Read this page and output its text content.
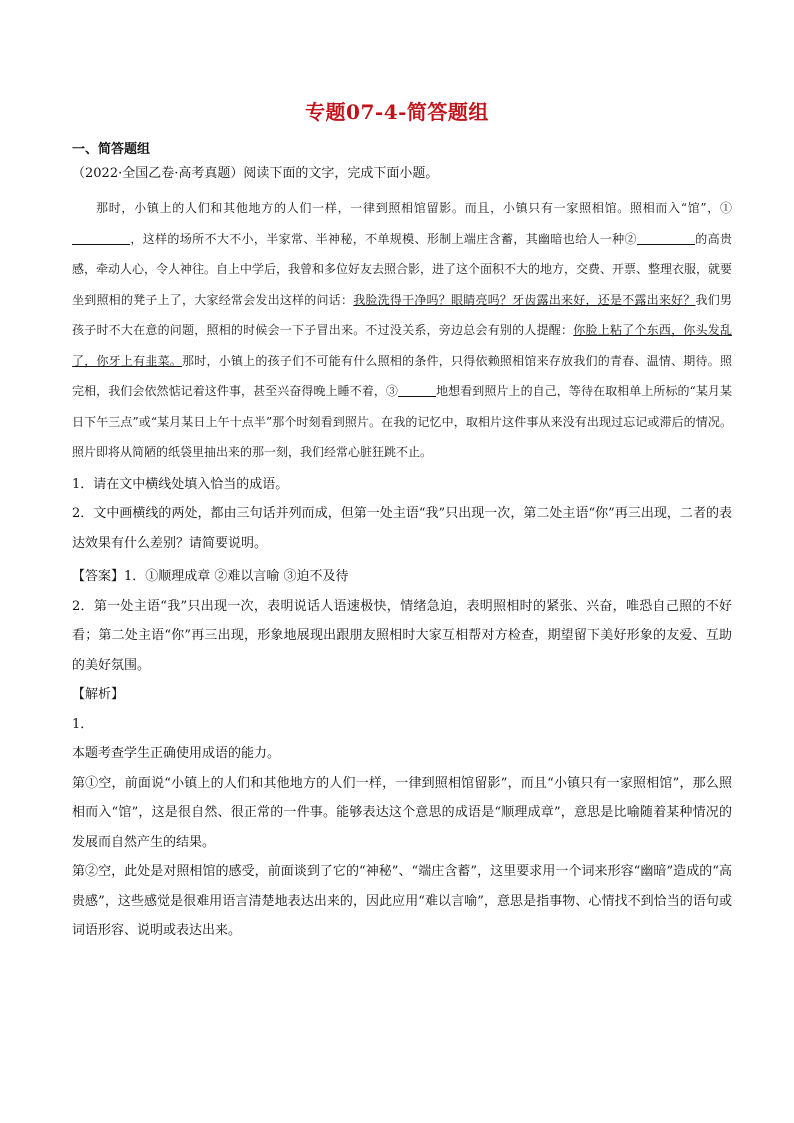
专题07-4-简答题组

一、简答题组

（2022·全国乙卷·高考真题）阅读下面的文字，完成下面小题。

那时，小镇上的人们和其他地方的人们一样，一律到照相馆留影。而且，小镇只有一家照相馆。照相而入“馆”，①，这样的场所不大不小，半家常、半神秘，不单规模、形制上端庄含蓄，其幽暗也给人一种②	的高贵感，牵动人心，令人神往。自上中学后，我曾和多位好友去照合影，进了这个面积不大的地方，交费、开票、整理衣服，就要坐到照相的凳子上了，大家经常会发出这样的问话：我脸洗得干净吗？眼睛亮吗？牙齿露出来好，还是不露出来好？我们男孩子时不大在意的问题，照相的时候会一下子冒出来。不过没关系，旁边总会有别的人提醒：你脸上粘了个东西，你头发乱了，你牙上有韭菜。那时，小镇上的孩子们不可能有什么照相的条件，只得依赖照相馆来存放我们的青春、温情、期待。照完相，我们会依然惦记着这件事，甚至兴奋得晚上睡不着，③	地想看到照片上的自己，等待在取相单上所标的“某月某日下午三点”或“某月某日上午十点半”那个时刻看到照片。在我的记忆中，取相片这件事从来没有出现过忘记或滞后的情况。照片即将从简陋的纸袋里抽出来的那一刻，我们经常心脏狂跳不止。

1．请在文中横线处填入恰当的成语。

2．文中画横线的两处，都由三句话并列而成，但第一处主语“我”只出现一次，第二处主语“你”再三出现，二者的表达效果有什么差别？请简要说明。

【答案】1．①顺理成章 ②难以言喻 ③迫不及待

2．第一处主语“我”只出现一次，表明说话人语速极快，情绪急迫，表明照相时的紧张、兴奋，唯恐自己照的不好看；第二处主语“你”再三出现，形象地展现出跟朋友照相时大家互相帮对方检查，期望留下美好形象的友爱、互助的美好氛围。

【解析】

1．

本题考查学生正确使用成语的能力。

第①空，前面说“小镇上的人们和其他地方的人们一样，一律到照相馆留影”，而且“小镇只有一家照相馆”，那么照相而入“馆”，这是很自然、很正常的一件事。能够表达这个意思的成语是“顺理成章”，意思是比喻随着某种情况的发展而自然产生的结果。

第②空，此处是对照相馆的感受，前面谈到了它的“神秘”、“端庄含蓄”，这里要求用一个词来形容“幽暗”造成的“高贵感”，这些感觉是很难用语言清楚地表达出来的，因此应用“难以言喻”，意思是指事物、心情找不到恰当的语句或词语形容、说明或表达出来。
